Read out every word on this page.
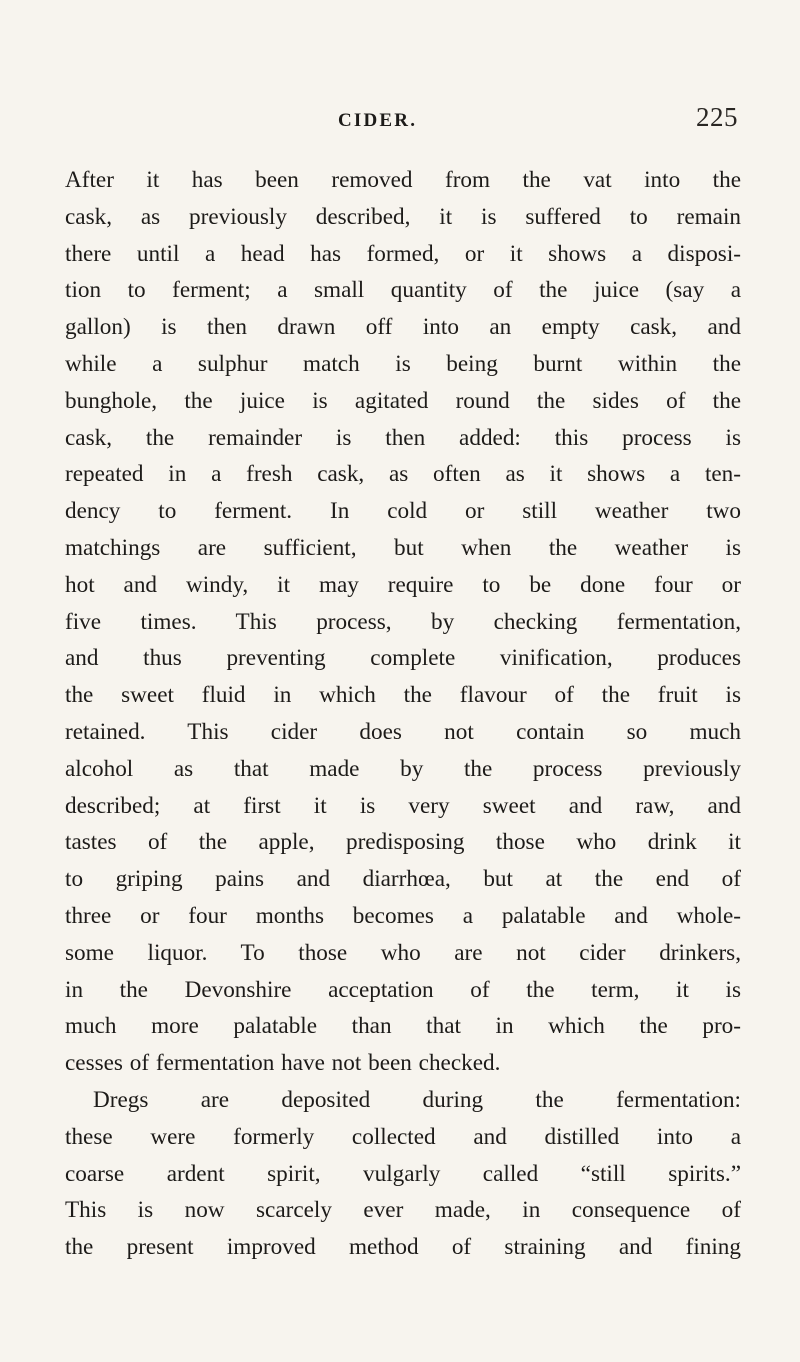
CIDER.	225
After it has been removed from the vat into the
cask, as previously described, it is suffered to remain
there until a head has formed, or it shows a disposi-
tion to ferment; a small quantity of the juice (say a
gallon) is then drawn off into an empty cask, and
while a sulphur match is being burnt within the
bunghole, the juice is agitated round the sides of the
cask, the remainder is then added: this process is
repeated in a fresh cask, as often as it shows a ten-
dency to ferment. In cold or still weather two
matchings are sufficient, but when the weather is
hot and windy, it may require to be done four or
five times. This process, by checking fermentation,
and thus preventing complete vinification, produces
the sweet fluid in which the flavour of the fruit is
retained. This cider does not contain so much
alcohol as that made by the process previously
described; at first it is very sweet and raw, and
tastes of the apple, predisposing those who drink it
to griping pains and diarrhœa, but at the end of
three or four months becomes a palatable and whole-
some liquor. To those who are not cider drinkers,
in the Devonshire acceptation of the term, it is
much more palatable than that in which the pro-
cesses of fermentation have not been checked.
Dregs are deposited during the fermentation:
these were formerly collected and distilled into a
coarse ardent spirit, vulgarly called “still spirits.”
This is now scarcely ever made, in consequence of
the present improved method of straining and fining
